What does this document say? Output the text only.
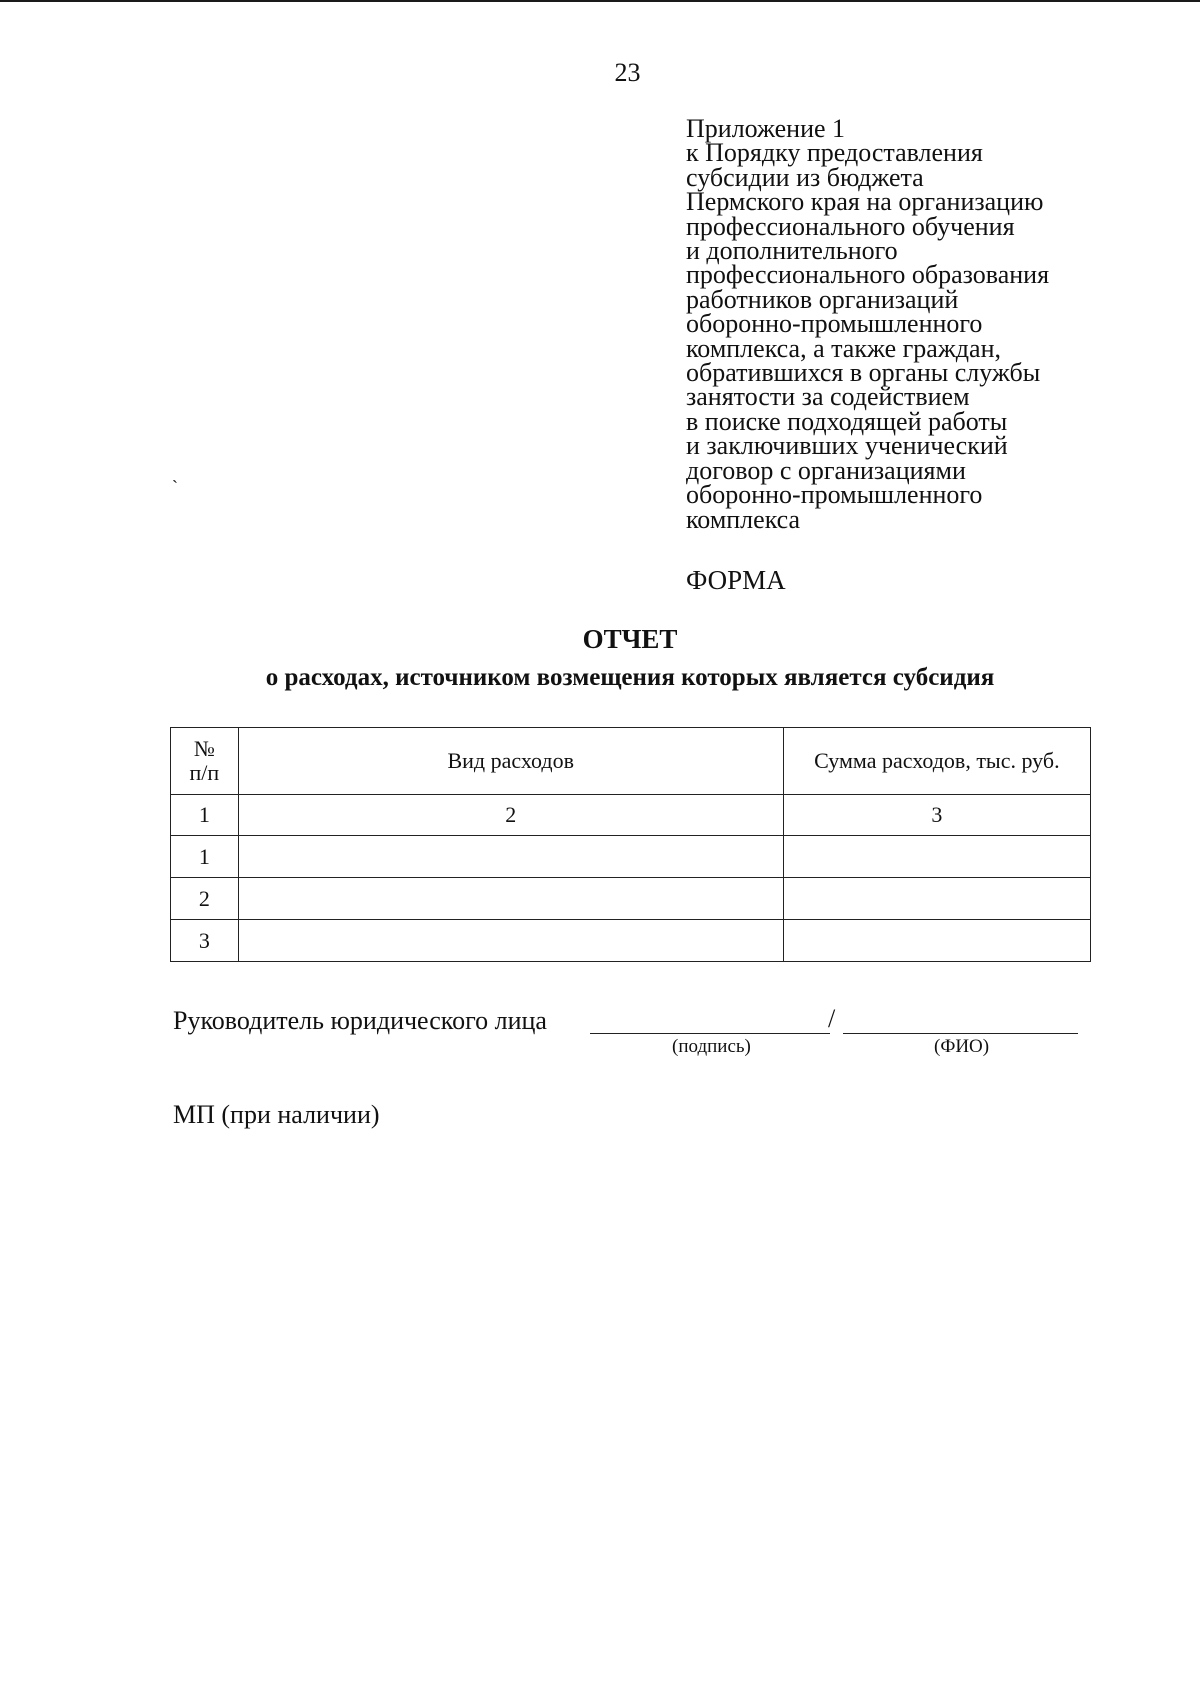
23
Приложение 1
к Порядку предоставления
субсидии из бюджета
Пермского края на организацию
профессионального обучения
и дополнительного
профессионального образования
работников организаций
оборонно-промышленного
комплекса, а также граждан,
обратившихся в органы службы
занятости за содействием
в поиске подходящей работы
и заключивших ученический
договор с организациями
оборонно-промышленного
комплекса
`
ФОРМА
ОТЧЕТ
о расходах, источником возмещения которых является субсидия
№
п/п	Вид расходов	Сумма расходов, тыс. руб.
1	2	3
1		
2		
3		
Руководитель юридического лица	/
(подпись)	(ФИО)
МП (при наличии)
